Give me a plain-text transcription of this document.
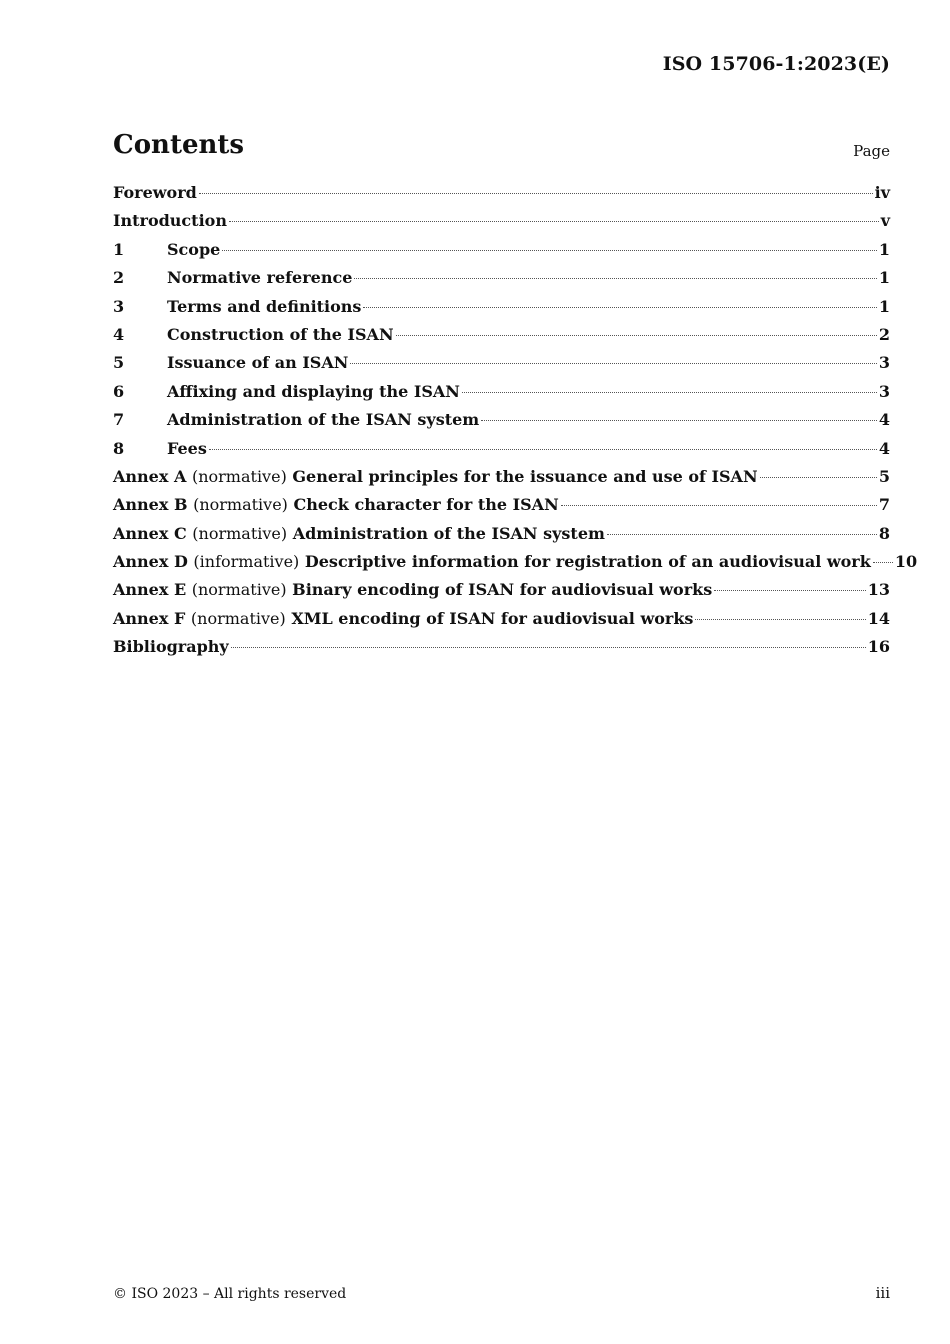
ISO 15706-1:2023(E)
Contents	Page
Foreword	iv
Introduction	v
1	Scope	1
2	Normative reference	1
3	Terms and definitions	1
4	Construction of the ISAN	2
5	Issuance of an ISAN	3
6	Affixing and displaying the ISAN	3
7	Administration of the ISAN system	4
8	Fees	4
Annex A (normative) General principles for the issuance and use of ISAN	5
Annex B (normative) Check character for the ISAN	7
Annex C (normative) Administration of the ISAN system	8
Annex D (informative) Descriptive information for registration of an audiovisual work 10
Annex E (normative) Binary encoding of ISAN for audiovisual works	13
Annex F (normative) XML encoding of ISAN for audiovisual works	14
Bibliography	16
© ISO 2023 – All rights reserved	iii
